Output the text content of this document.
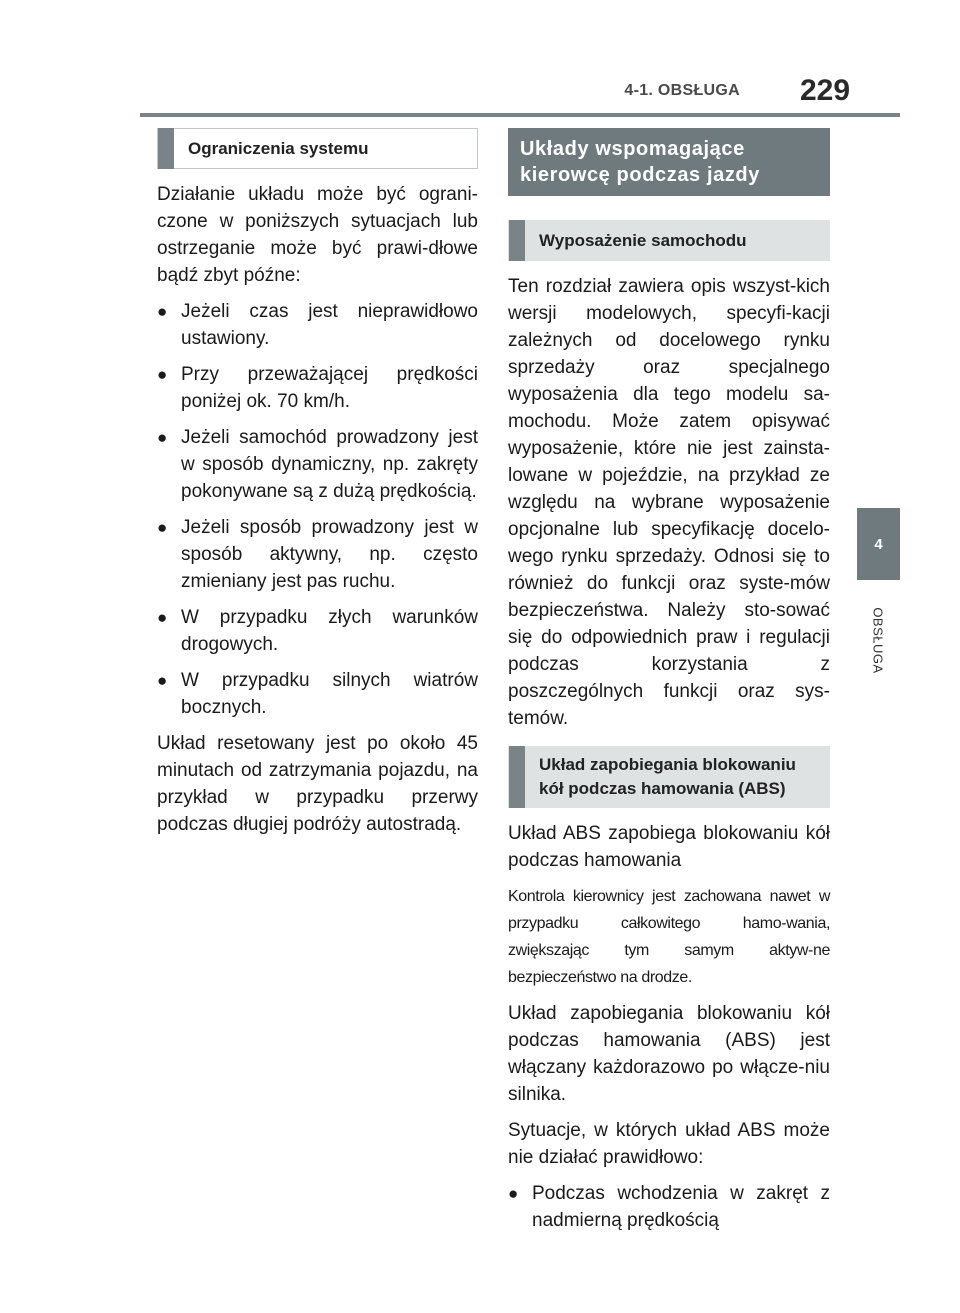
4-1. OBSŁUGA 229
4
OBSŁUGA
Ograniczenia systemu

Działanie układu może być ograni-czone w poniższych sytuacjach lub ostrzeganie może być prawi-dłowe bądź zbyt późne:

● Jeżeli czas jest nieprawidłowo ustawiony.
● Przy przeważającej prędkości poniżej ok. 70 km/h.
● Jeżeli samochód prowadzony jest w sposób dynamiczny, np. zakręty pokonywane są z dużą prędkością.
● Jeżeli sposób prowadzony jest w sposób aktywny, np. często zmieniany jest pas ruchu.
● W przypadku złych warunków drogowych.
● W przypadku silnych wiatrów bocznych.

Układ resetowany jest po około 45 minutach od zatrzymania pojazdu, na przykład w przypadku przerwy podczas długiej podróży autostradą.

Układy wspomagające kierowcę podczas jazdy
Wyposażenie samochodu

Ten rozdział zawiera opis wszyst-kich wersji modelowych, specyfi-kacji zależnych od docelowego rynku sprzedaży oraz specjalnego wyposażenia dla tego modelu sa-mochodu. Może zatem opisywać wyposażenie, które nie jest zainsta-lowane w pojeździe, na przykład ze względu na wybrane wyposażenie opcjonalne lub specyfikację docelo-wego rynku sprzedaży. Odnosi się to również do funkcji oraz syste-mów bezpieczeństwa. Należy sto-sować się do odpowiednich praw i regulacji podczas korzystania z poszczególnych funkcji oraz sys-temów.

Układ zapobiegania blokowaniu kół podczas hamowania (ABS)

Układ ABS zapobiega blokowaniu kół podczas hamowania

Kontrola kierownicy jest zachowana nawet w przypadku całkowitego hamo-wania, zwiększając tym samym aktyw-ne bezpieczeństwo na drodze.

Układ zapobiegania blokowaniu kół podczas hamowania (ABS) jest włączany każdorazowo po włącze-niu silnika.

Sytuacje, w których układ ABS może nie działać prawidłowo:

● Podczas wchodzenia w zakręt z nadmierną prędkością
